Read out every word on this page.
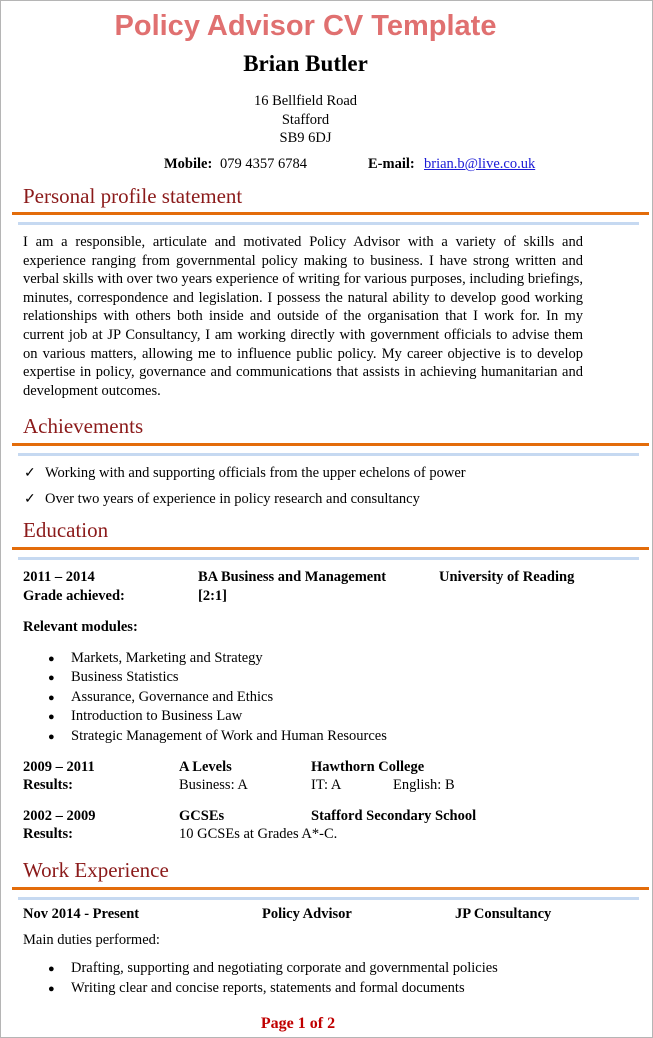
Policy Advisor CV Template
Brian Butler
16 Bellfield Road
Stafford
SB9 6DJ
Mobile: 079 4357 6784	E-mail: brian.b@live.co.uk
Personal profile statement
I am a responsible, articulate and motivated Policy Advisor with a variety of skills and experience ranging from governmental policy making to business. I have strong written and verbal skills with over two years experience of writing for various purposes, including briefings, minutes, correspondence and legislation. I possess the natural ability to develop good working relationships with others both inside and outside of the organisation that I work for. In my current job at JP Consultancy, I am working directly with government officials to advise them on various matters, allowing me to influence public policy. My career objective is to develop expertise in policy, governance and communications that assists in achieving humanitarian and development outcomes.
Achievements
✓ Working with and supporting officials from the upper echelons of power
✓ Over two years of experience in policy research and consultancy
Education
2011 – 2014	BA Business and Management	University of Reading
Grade achieved:	[2:1]
Relevant modules:
● Markets, Marketing and Strategy
● Business Statistics
● Assurance, Governance and Ethics
● Introduction to Business Law
● Strategic Management of Work and Human Resources
2009 – 2011	A Levels	Hawthorn College
Results:	Business: A	IT: A	English: B
2002 – 2009	GCSEs	Stafford Secondary School
Results:	10 GCSEs at Grades A*-C.
Work Experience
Nov 2014 - Present	Policy Advisor	JP Consultancy
Main duties performed:
● Drafting, supporting and negotiating corporate and governmental policies
● Writing clear and concise reports, statements and formal documents
Page 1 of 2
